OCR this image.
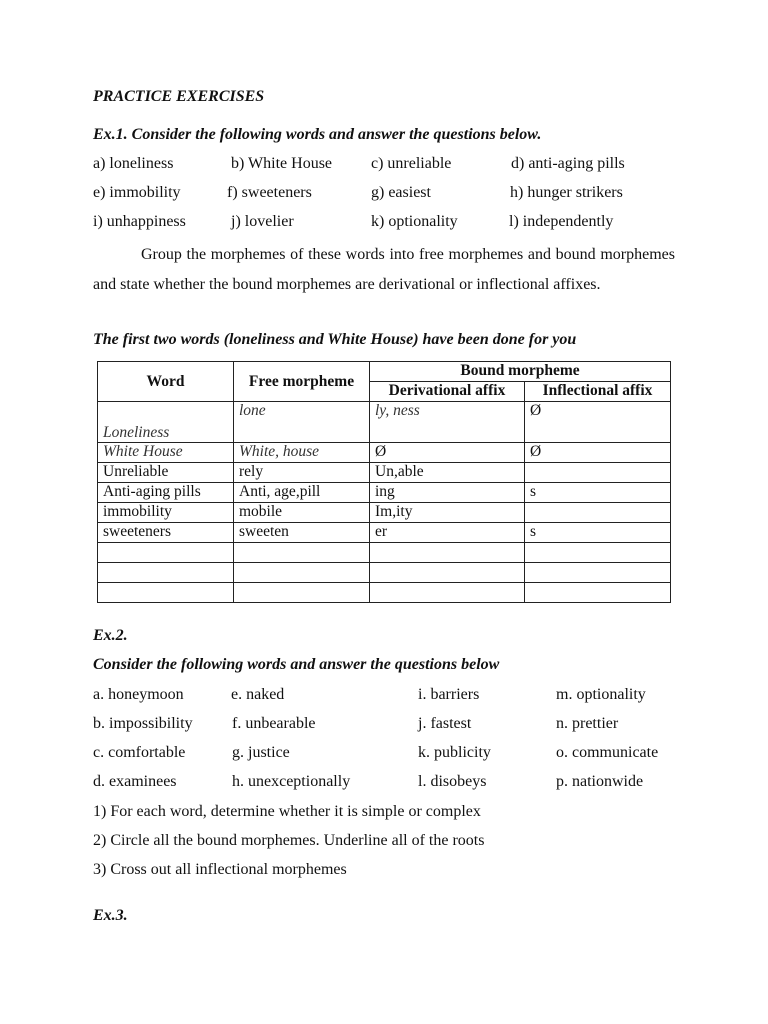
PRACTICE EXERCISES
Ex.1. Consider the following words and answer the questions below.
a) loneliness	b) White House c) unreliable	d) anti-aging pills
e) immobility	f) sweeteners	g) easiest	h) hunger strikers
i) unhappiness	j) lovelier	k) optionality	l) independently

Group the morphemes of these words into free morphemes and bound morphemes and state whether the bound morphemes are derivational or inflectional affixes.

The first two words (loneliness and White House) have been done for you
Word	Free morpheme	Bound morpheme	
		Derivational affix	Inflectional affix
Loneliness	lone	ly, ness	Ø
White House	White, house	Ø	Ø
Unreliable	rely	Un,able	
Anti-aging pills	Anti, age,pill	ing	s
immobility	mobile	Im,ity	
sweeteners	sweeten	er	s

Ex.2.
Consider the following words and answer the questions below
a. honeymoon	e. naked	i. barriers	m. optionality
b. impossibility f. unbearable	j. fastest	n. prettier
c. comfortable	g. justice	k. publicity	o. communicate
d. examinees	h. unexceptionally	l. disobeys	p. nationwide
1) For each word, determine whether it is simple or complex
2) Circle all the bound morphemes. Underline all of the roots
3) Cross out all inflectional morphemes
Ex.3.
